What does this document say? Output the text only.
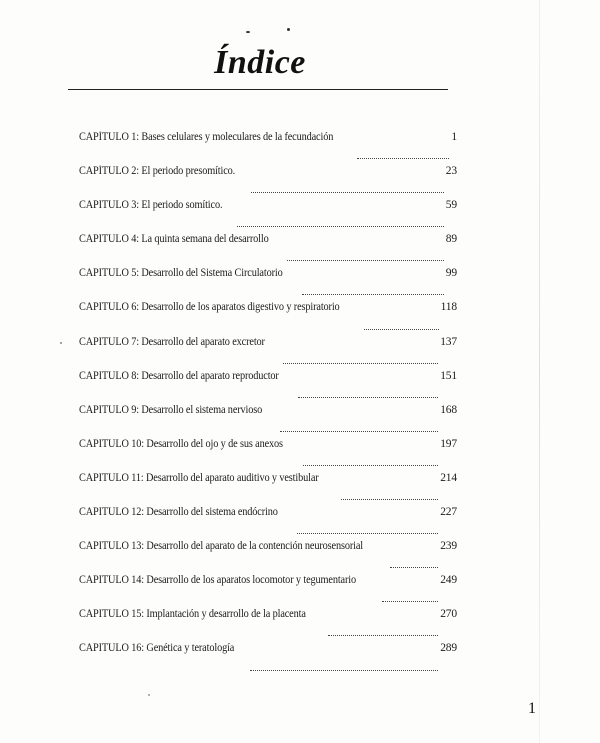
Índice
CAPÍTULO 1: Bases celulares y moleculares de la fecundación	1
CAPÍTULO 2: El periodo presomítico.	23
CAPITULO 3: El periodo somítico.	59
CAPITULO 4: La quinta semana del desarrollo	89
CAPITULO 5: Desarrollo del Sistema Circulatorio	99
CAPITULO 6: Desarrollo de los aparatos digestivo y respiratorio	118
CAPITULO 7: Desarrollo del aparato excretor	137
CAPITULO 8: Desarrollo del aparato reproductor	151
CAPITULO 9: Desarrollo el sistema nervioso	168
CAPITULO 10: Desarrollo del ojo y de sus anexos	197
CAPITULO 11: Desarrollo del aparato auditivo y vestibular	214
CAPITULO 12: Desarrollo del sistema endócrino	227
CAPITULO 13: Desarrollo del aparato de la contención neurosensorial	239
CAPITULO 14: Desarrollo de los aparatos locomotor y tegumentario	249
CAPITULO 15: Implantación y desarrollo de la placenta	270
CAPITULO 16: Genética y teratología	289
1
